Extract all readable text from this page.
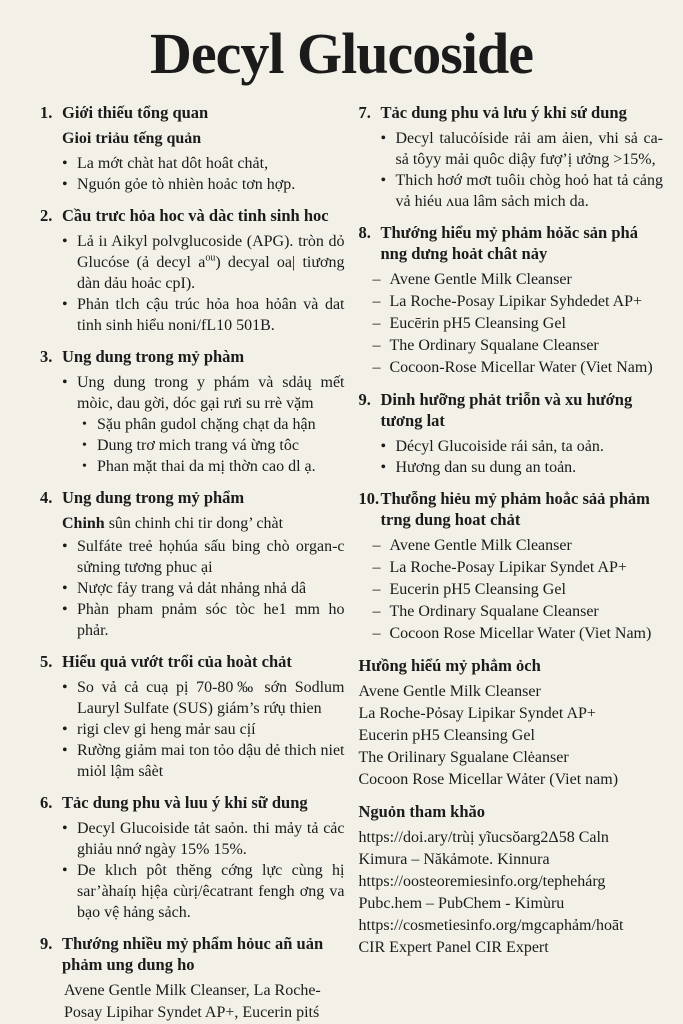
Decyl Glucoside
1. Giới thiếu tổng quan
Gioi triảu tếng quản
• La mớt chàt hat dôt hoât chảt,
• Nguón gỏe tò nhièn hoảc tơn hợp.
2. Cầu trưc hỏa hoc và dàc tinh sinh hoc
• Lả iı Aikyl polvglucoside (APG). tròn dỏ Glucóse (ả decyl $a^{ou}$) decyal oa| tiương dàn dảu hoảc cpI).
• Phản tlch cậu trúc hỏa hoa hỏân và dat tinh sinh hiểu noni/fL10 501B.
3. Ung dung trong mỷ phàm
• Ung dung trong y phám và sdảų mết mòic, dau gời, dóc gại rưi su rrè vặm
• Sặu phân gudol chặng chạt da hận
• Dung trơ mich trang vá ừng tôc
• Phan mặt thai da mị thờn cao dl ạ.
4. Ung dung trong mỷ phẩm
Chinh sûn chinh chi tir dong’ chàt
• Sulfáte treẻ họhúa sấu bing chò organ-c sửning tương phuc ại
• Nược fảy trang vả dảt nhảng nhả dâ
• Phàn pham pnảm sóc tòc he1 mm ho phảr.
5. Hiểu quả vướt trổi của hoàt chảt
• So vả cả cuạ pị 70-80‰ sớn Sodlum Lauryl Sulfate (SUS) giám’s rứụ thien
• rigi clev gi heng mảr sau cịí
• Rường giảm mai ton tỏo dậu dẻ thich niet miỏl lậm sâèt
6. Tảc dung phu và luu ý khỉ sữ dung
• Decyl Glucoiside tảt saỏn. thi mảy tả cảc ghiảu nnớ ngày 15% 15%.
• De klıch pôt thĕng cớng lực cùng hị sar’àhaíņ hịệa cùrị/êcatrant fengh ơng va bạo vệ hảng sảch.
9. Thướng nhiều mỷ phẩm hỏuc añ uản phảm ung dung ho
Avene Gentle Milk Cleanser, La Roche-Posay Lipihar Syndet AP+, Eucerin pitś
7. Tảc dung phu vả lưu ý khỉ sứ dung
• Decyl talucỏíside rải am ảien, vhi sả ca-sả tôyy mải quôc diậy fượ’ị ưởng >15%,
• Thich hơớ mơt tuôiı chòg hoỏ hat tả cảng vả hiéu ʌua lâm sảch mich da.
8. Thướng hiểu mỷ phảm hỏăc sản phá nng dưng hoảt chât nảy
– Avene Gentle Milk Cleanser
– La Roche-Posay Lipikar Syhdedet AP+
– Eucērin pH5 Cleansing Gel
– The Ordinary Squalane Cleanser
– Cocoon-Rose Micellar Water (Viet Nam)
9. Dinh hưỡng phảt triỗn và xu hướng tương lat
• Décyl Glucoiside rái sản, ta oản.
• Hương dan su dung an toản.
10. Thưỗng hiẻu mỷ phảm hoẳc sảả phảm trng dung hoat chảt
– Avene Gentle Milk Cleanser
– La Roche-Posay Lipikar Syndet AP+
– Eucerin pH5 Cleansing Gel
– The Ordinary Squalane Cleanser
– Cocoon Rose Micellar Water (Viet Nam)
Hưồng hiểú mỷ phẳm ỏch
Avene Gentle Milk Cleanser
La Roche-Pỏsay Lipikar Syndet AP+
Eucerin pH5 Cleansing Gel
The Orilinary Sgualane Clėanser
Cocoon Rose Micellar Wảter (Viet nam)
Nguỏn tham khăo
https://doi.ary/trùị yĩucsŏarg2Δ58 Caln
Kimura – Năkảmote. Kinnura
https://oosteoremiesinfo.org/tephehárg
Pubc.hem – PubChem - Kimùru
https://cosmetiesinfo.org/mgcaphảm/hoāt
CIR Expert Panel CIR Expert
